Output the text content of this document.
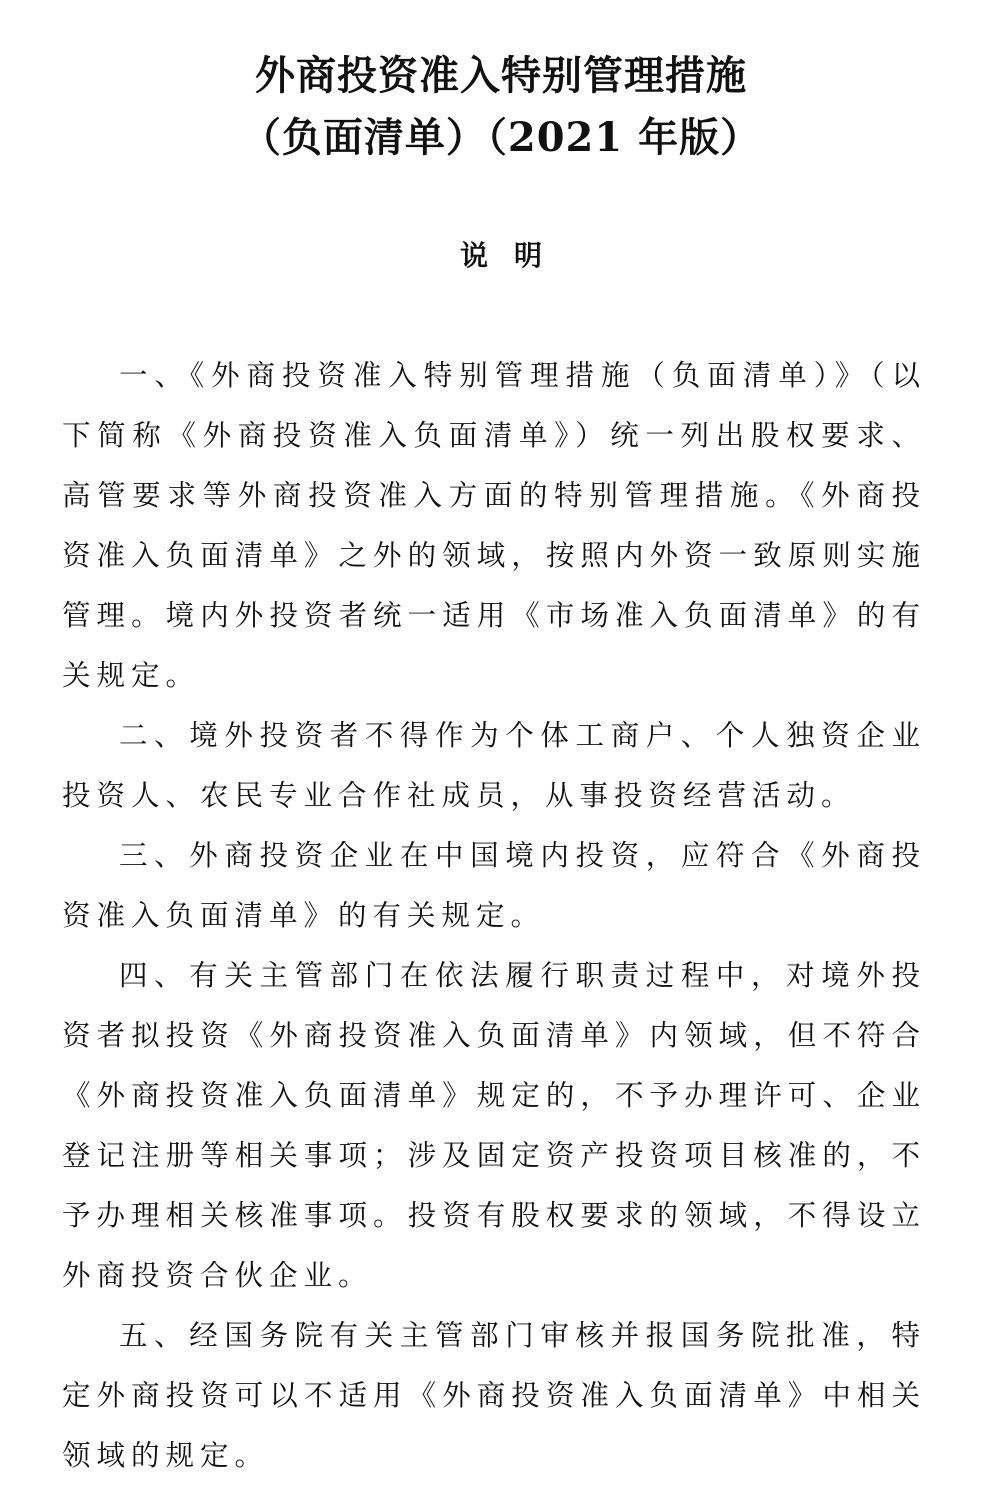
外商投资准入特别管理措施
（负面清单）（2021 年版）
说明

一、《外商投资准入特别管理措施（负面清单）》（以下简称《外商投资准入负面清单》）统一列出股权要求、高管要求等外商投资准入方面的特别管理措施。《外商投资准入负面清单》之外的领域，按照内外资一致原则实施管理。境内外投资者统一适用《市场准入负面清单》的有关规定。

二、境外投资者不得作为个体工商户、个人独资企业投资人、农民专业合作社成员，从事投资经营活动。

三、外商投资企业在中国境内投资，应符合《外商投资准入负面清单》的有关规定。

四、有关主管部门在依法履行职责过程中，对境外投资者拟投资《外商投资准入负面清单》内领域，但不符合《外商投资准入负面清单》规定的，不予办理许可、企业登记注册等相关事项；涉及固定资产投资项目核准的，不予办理相关核准事项。投资有股权要求的领域，不得设立外商投资合伙企业。

五、经国务院有关主管部门审核并报国务院批准，特定外商投资可以不适用《外商投资准入负面清单》中相关领域的规定。
